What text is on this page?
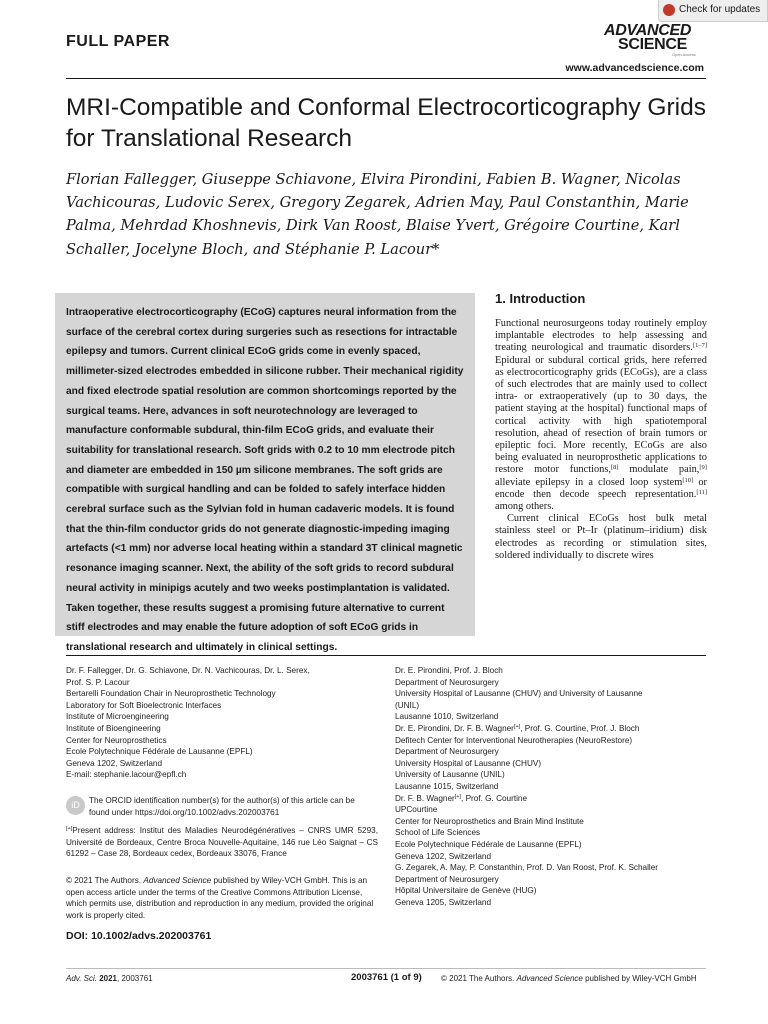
Check for updates
FULL PAPER
ADVANCED
SCIENCE
Open Access
www.advancedscience.com
MRI-Compatible and Conformal Electrocorticography Grids for Translational Research
Florian Fallegger, Giuseppe Schiavone, Elvira Pirondini, Fabien B. Wagner, Nicolas Vachicouras, Ludovic Serex, Gregory Zegarek, Adrien May, Paul Constanthin, Marie Palma, Mehrdad Khoshnevis, Dirk Van Roost, Blaise Yvert, Grégoire Courtine, Karl Schaller, Jocelyne Bloch, and Stéphanie P. Lacour*
Intraoperative electrocorticography (ECoG) captures neural information from the surface of the cerebral cortex during surgeries such as resections for intractable epilepsy and tumors. Current clinical ECoG grids come in evenly spaced, millimeter-sized electrodes embedded in silicone rubber. Their mechanical rigidity and fixed electrode spatial resolution are common shortcomings reported by the surgical teams. Here, advances in soft neurotechnology are leveraged to manufacture conformable subdural, thin-film ECoG grids, and evaluate their suitability for translational research. Soft grids with 0.2 to 10 mm electrode pitch and diameter are embedded in 150 µm silicone membranes. The soft grids are compatible with surgical handling and can be folded to safely interface hidden cerebral surface such as the Sylvian fold in human cadaveric models. It is found that the thin-film conductor grids do not generate diagnostic-impeding imaging artefacts (<1 mm) nor adverse local heating within a standard 3T clinical magnetic resonance imaging scanner. Next, the ability of the soft grids to record subdural neural activity in minipigs acutely and two weeks postimplantation is validated. Taken together, these results suggest a promising future alternative to current stiff electrodes and may enable the future adoption of soft ECoG grids in translational research and ultimately in clinical settings.
1. Introduction

Functional neurosurgeons today routinely employ implantable electrodes to help assessing and treating neurological and traumatic disorders.[1–7] Epidural or subdural cortical grids, here referred as electrocorticography grids (ECoGs), are a class of such electrodes that are mainly used to collect intra- or extraoperatively (up to 30 days, the patient staying at the hospital) functional maps of cortical activity with high spatiotemporal resolution, ahead of resection of brain tumors or epileptic foci. More recently, ECoGs are also being evaluated in neuroprosthetic applications to restore motor functions,[8] modulate pain,[9] alleviate epilepsy in a closed loop system[10] or encode then decode speech representation.[11] among others.

Current clinical ECoGs host bulk metal stainless steel or Pt–Ir (platinum–iridium) disk electrodes as recording or stimulation sites, soldered individually to discrete wires

Dr. F. Fallegger, Dr. G. Schiavone, Dr. N. Vachicouras, Dr. L. Serex,
Prof. S. P. Lacour
Bertarelli Foundation Chair in Neuroprosthetic Technology
Laboratory for Soft Bioelectronic Interfaces
Institute of Microengineering
Institute of Bioengineering
Center for Neuroprosthetics
Ecole Polytechnique Fédérale de Lausanne (EPFL)
Geneva 1202, Switzerland
E-mail: stephanie.lacour@epfl.ch
iD	The ORCID identification number(s) for the author(s) of this article can be found under https://doi.org/10.1002/advs.202003761
[+]Present address: Institut des Maladies Neurodégénératives – CNRS UMR 5293, Université de Bordeaux, Centre Broca Nouvelle-Aquitaine, 146 rue Léo Saignat – CS 61292 – Case 28, Bordeaux cedex, Bordeaux 33076, France
© 2021 The Authors. Advanced Science published by Wiley-VCH GmbH. This is an open access article under the terms of the Creative Commons Attribution License, which permits use, distribution and reproduction in any medium, provided the original work is properly cited.
DOI: 10.1002/advs.202003761
Dr. E. Pirondini, Prof. J. Bloch
Department of Neurosurgery
University Hospital of Lausanne (CHUV) and University of Lausanne
(UNIL)
Lausanne 1010, Switzerland
Dr. E. Pirondini, Dr. F. B. Wagner[+], Prof. G. Courtine, Prof. J. Bloch
Defitech Center for Interventional Neurotherapies (NeuroRestore)
Department of Neurosurgery
University Hospital of Lausanne (CHUV)
University of Lausanne (UNIL)
Lausanne 1015, Switzerland
Dr. F. B. Wagner[+], Prof. G. Courtine
UPCourtine
Center for Neuroprosthetics and Brain Mind Institute
School of Life Sciences
Ecole Polytechnique Fédérale de Lausanne (EPFL)
Geneva 1202, Switzerland
G. Zegarek, A. May, P. Constanthin, Prof. D. Van Roost, Prof. K. Schaller
Department of Neurosurgery
Hôpital Universitaire de Genève (HUG)
Geneva 1205, Switzerland
Adv. Sci. 2021, 2003761	2003761 (1 of 9) © 2021 The Authors. Advanced Science published by Wiley-VCH GmbH
